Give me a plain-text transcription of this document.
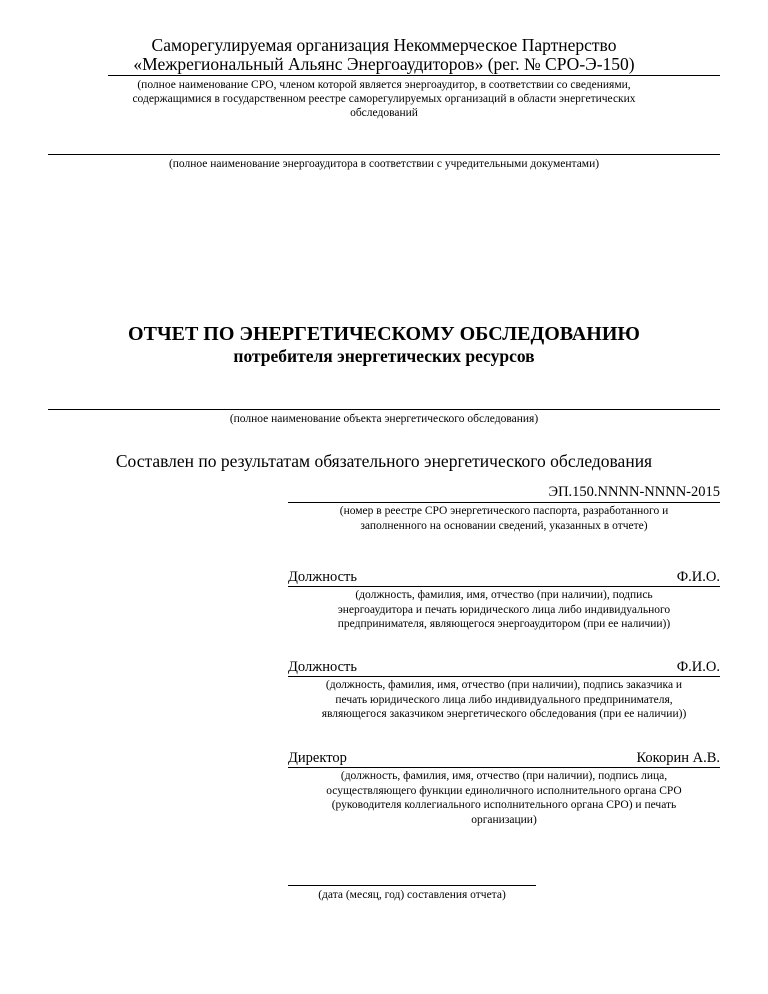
Саморегулируемая организация Некоммерческое Партнерство
«Межрегиональный Альянс Энергоаудиторов» (рег. № СРО-Э-150)
(полное наименование СРО, членом которой является энергоаудитор, в соответствии со сведениями,
содержащимися в государственном реестре саморегулируемых организаций в области энергетических
обследований
(полное наименование энергоаудитора в соответствии с учредительными документами)
ОТЧЕТ ПО ЭНЕРГЕТИЧЕСКОМУ ОБСЛЕДОВАНИЮ
потребителя энергетических ресурсов
(полное наименование объекта энергетического обследования)
Составлен по результатам обязательного энергетического обследования
ЭП.150.NNNN-NNNN-2015
(номер в реестре СРО энергетического паспорта, разработанного и
заполненного на основании сведений, указанных в отчете)
Должность	Ф.И.О.
(должность, фамилия, имя, отчество (при наличии), подпись
энергоаудитора и печать юридического лица либо индивидуального
предпринимателя, являющегося энергоаудитором (при ее наличии))
Должность	Ф.И.О.
(должность, фамилия, имя, отчество (при наличии), подпись заказчика и
печать юридического лица либо индивидуального предпринимателя,
являющегося заказчиком энергетического обследования (при ее наличии))
Директор	Кокорин А.В.
(должность, фамилия, имя, отчество (при наличии), подпись лица,
осуществляющего функции единоличного исполнительного органа СРО
(руководителя коллегиального исполнительного органа СРО) и печать
организации)
(дата (месяц, год) составления отчета)
